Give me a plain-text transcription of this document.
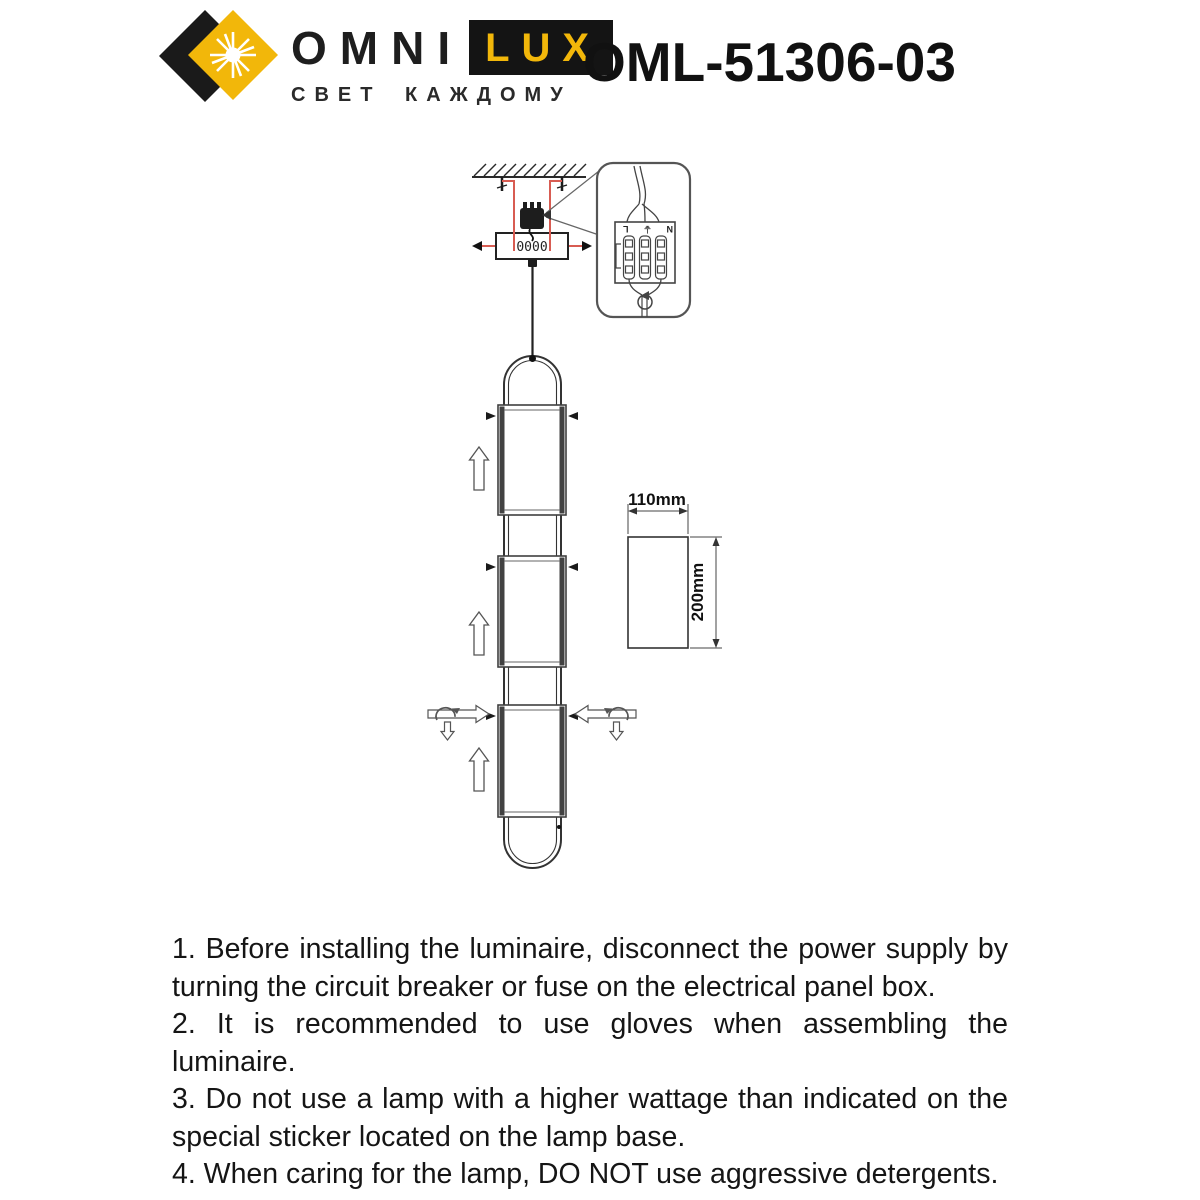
OMNI LUX
СВЕТ КАЖДОМУ
OML-51306-03
0000
N ⏚ L
110mm
200mm

1. Before installing the luminaire, disconnect the power supply by turning the circuit breaker or fuse on the electrical panel box.

2. It is recommended to use gloves when assembling the luminaire.

3. Do not use a lamp with a higher wattage than indicated on the special sticker located on the lamp base.

4. When caring for the lamp, DO NOT use aggressive detergents.
